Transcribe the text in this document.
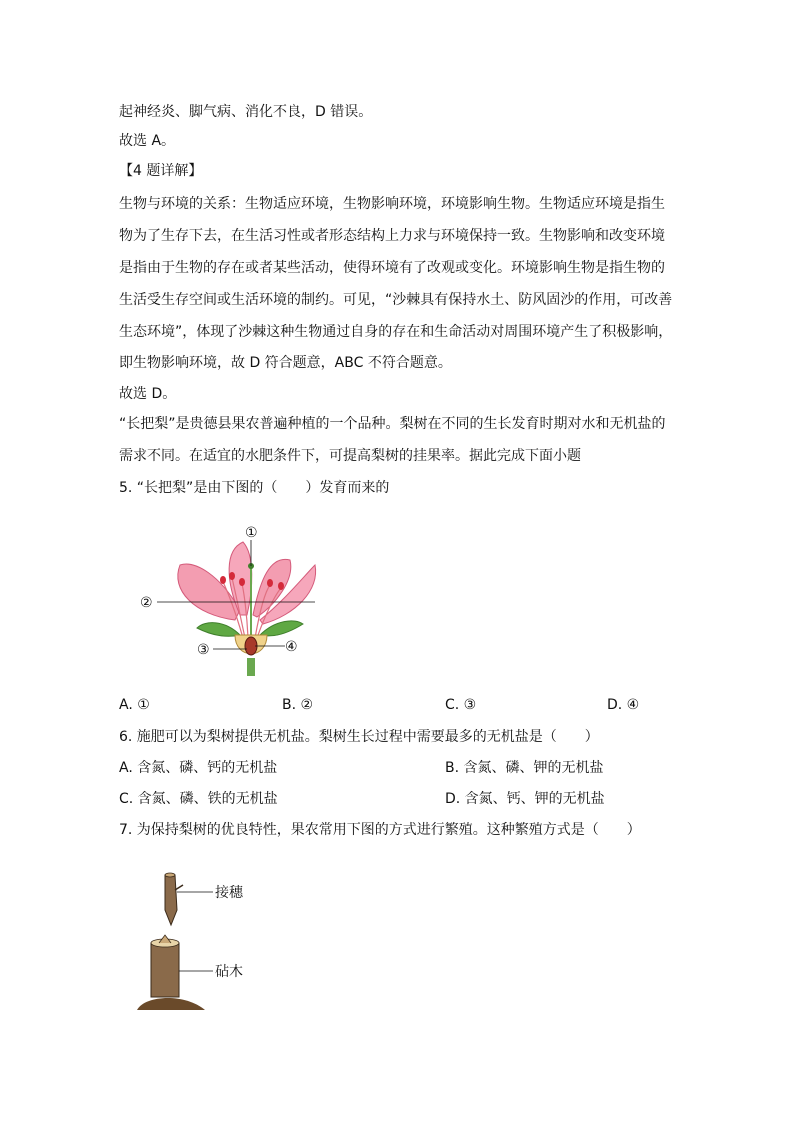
起神经炎、脚气病、消化不良，D 错误。
故选 A。
【4 题详解】
生物与环境的关系：生物适应环境，生物影响环境，环境影响生物。生物适应环境是指生
物为了生存下去，在生活习性或者形态结构上力求与环境保持一致。生物影响和改变环境
是指由于生物的存在或者某些活动，使得环境有了改观或变化。环境影响生物是指生物的
生活受生存空间或生活环境的制约。可见，“沙棘具有保持水土、防风固沙的作用，可改善
生态环境”，体现了沙棘这种生物通过自身的存在和生命活动对周围环境产生了积极影响，
即生物影响环境，故 D 符合题意，ABC 不符合题意。
故选 D。
“长把梨”是贵德县果农普遍种植的一个品种。梨树在不同的生长发育时期对水和无机盐的
需求不同。在适宜的水肥条件下，可提高梨树的挂果率。据此完成下面小题
5. “长把梨”是由下图的（　　）发育而来的
①
②
③	④
A. ①	B. ②	C. ③	D. ④
6. 施肥可以为梨树提供无机盐。梨树生长过程中需要最多的无机盐是（　　）
A. 含氮、磷、钙的无机盐	B. 含氮、磷、钾的无机盐
C. 含氮、磷、铁的无机盐	D. 含氮、钙、钾的无机盐
7. 为保持梨树的优良特性，果农常用下图的方式进行繁殖。这种繁殖方式是（　　）
接穗
砧木
